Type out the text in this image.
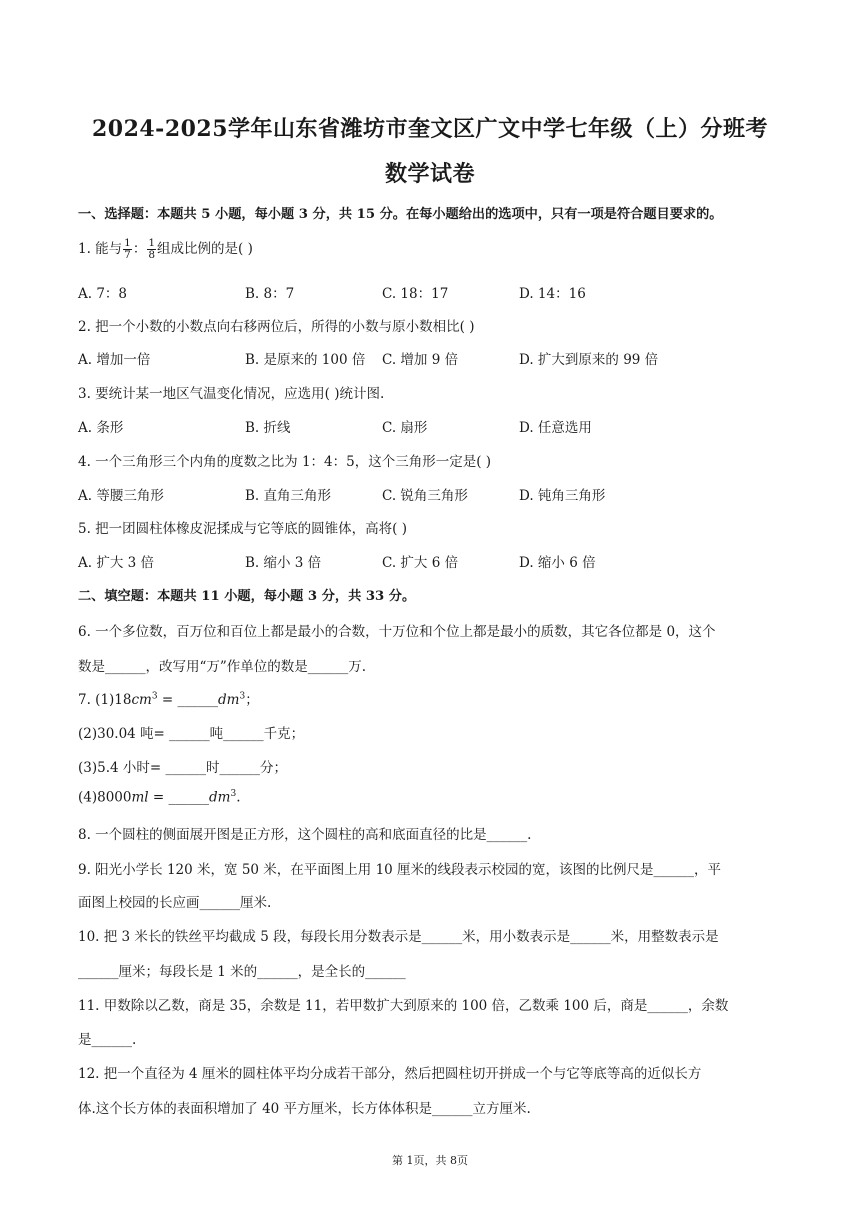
2024-2025学年山东省潍坊市奎文区广文中学七年级（上）分班考
数学试卷
一、选择题：本题共 5 小题，每小题 3 分，共 15 分。在每小题给出的选项中，只有一项是符合题目要求的。
1. 能与 $\frac{1}{7}$ ： $\frac{1}{8}$ 组成比例的是( )
A. 7：8	B. 8：7	C. 18：17	D. 14：16
2. 把一个小数的小数点向右移两位后，所得的小数与原小数相比( )
A. 增加一倍	B. 是原来的 100 倍 C. 增加 9 倍	D. 扩大到原来的 99 倍
3. 要统计某一地区气温变化情况，应选用( )统计图.
A. 条形	B. 折线	C. 扇形	D. 任意选用
4. 一个三角形三个内角的度数之比为 1：4：5，这个三角形一定是( )
A. 等腰三角形	B. 直角三角形	C. 锐角三角形	D. 钝角三角形
5. 把一团圆柱体橡皮泥揉成与它等底的圆锥体，高将( )
A. 扩大 3 倍	B. 缩小 3 倍	C. 扩大 6 倍	D. 缩小 6 倍
二、填空题：本题共 11 小题，每小题 3 分，共 33 分。
6. 一个多位数，百万位和百位上都是最小的合数，十万位和个位上都是最小的质数，其它各位都是 0，这个
数是______，改写用“万”作单位的数是______万.
7. $(1)18cm^3$ = $\_\_\_\_\_\_dm^3$；
(2)30.04 吨= ______吨______千克；
(3)5.4 小时= ______时______分；
$(4)8000ml = \_\_\_\_\_\_dm^3$.
8. 一个圆柱的侧面展开图是正方形，这个圆柱的高和底面直径的比是______.
9. 阳光小学长 120 米，宽 50 米，在平面图上用 10 厘米的线段表示校园的宽，该图的比例尺是______，平
面图上校园的长应画______厘米.
10. 把 3 米长的铁丝平均截成 5 段，每段长用分数表示是______米，用小数表示是______米，用整数表示是
______厘米；每段长是 1 米的______，是全长的______
11. 甲数除以乙数，商是 35，余数是 11，若甲数扩大到原来的 100 倍，乙数乘 100 后，商是______，余数
是______.
12. 把一个直径为 4 厘米的圆柱体平均分成若干部分，然后把圆柱切开拼成一个与它等底等高的近似长方
体.这个长方体的表面积增加了 40 平方厘米，长方体体积是______立方厘米.
第 1页，共 8页
